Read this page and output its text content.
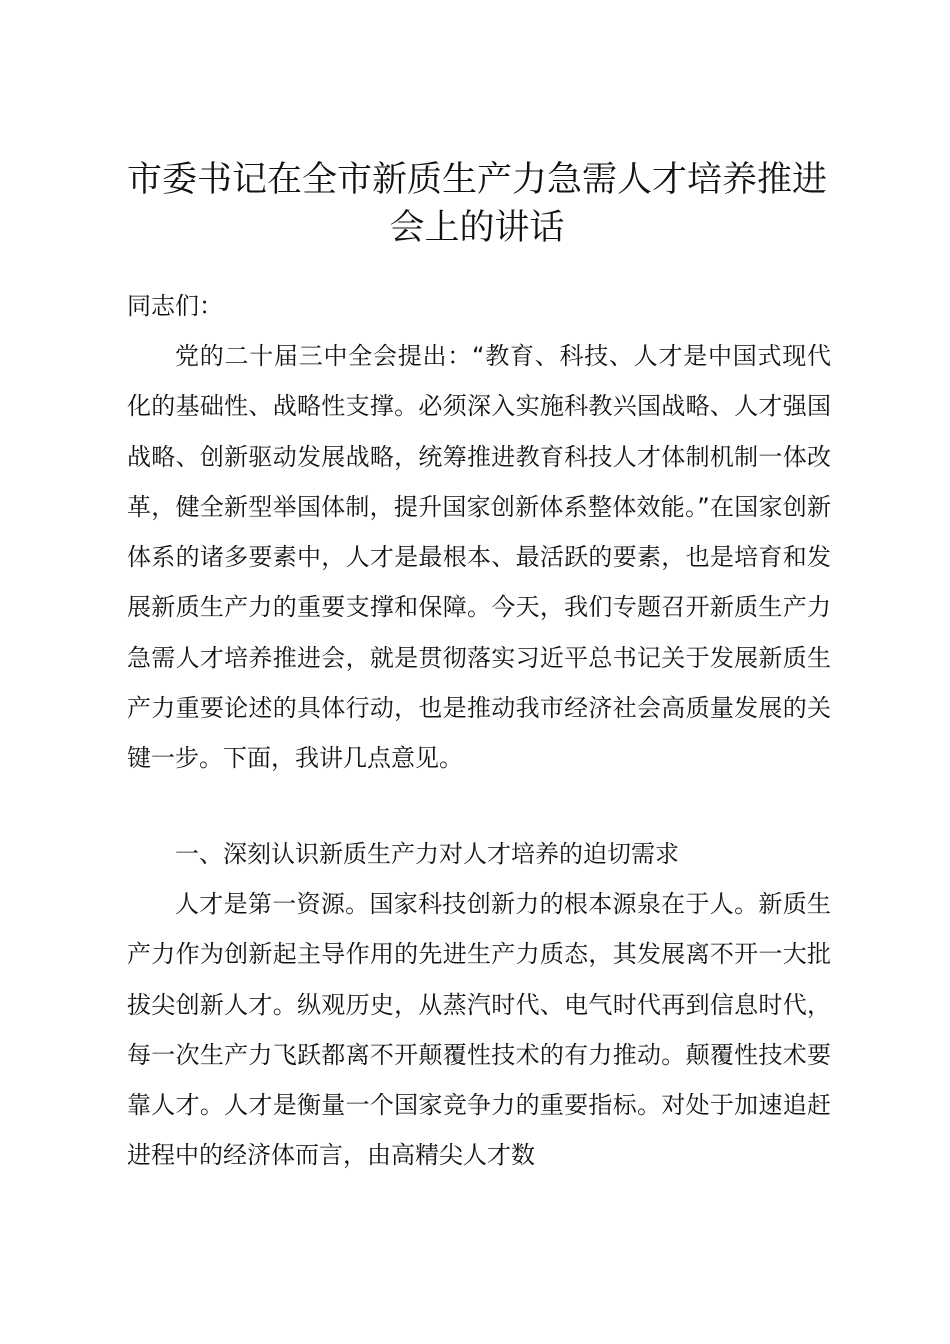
市委书记在全市新质生产力急需人才培养推进会上的讲话

同志们：

党的二十届三中全会提出：“教育、科技、人才是中国式现代化的基础性、战略性支撑。必须深入实施科教兴国战略、人才强国战略、创新驱动发展战略，统筹推进教育科技人才体制机制一体改革，健全新型举国体制，提升国家创新体系整体效能。”在国家创新体系的诸多要素中，人才是最根本、最活跃的要素，也是培育和发展新质生产力的重要支撑和保障。今天，我们专题召开新质生产力急需人才培养推进会，就是贯彻落实习近平总书记关于发展新质生产力重要论述的具体行动，也是推动我市经济社会高质量发展的关键一步。下面，我讲几点意见。

一、深刻认识新质生产力对人才培养的迫切需求

人才是第一资源。国家科技创新力的根本源泉在于人。新质生产力作为创新起主导作用的先进生产力质态，其发展离不开一大批拔尖创新人才。纵观历史，从蒸汽时代、电气时代再到信息时代，每一次生产力飞跃都离不开颠覆性技术的有力推动。颠覆性技术要靠人才。人才是衡量一个国家竞争力的重要指标。对处于加速追赶进程中的经济体而言，由高精尖人才数
